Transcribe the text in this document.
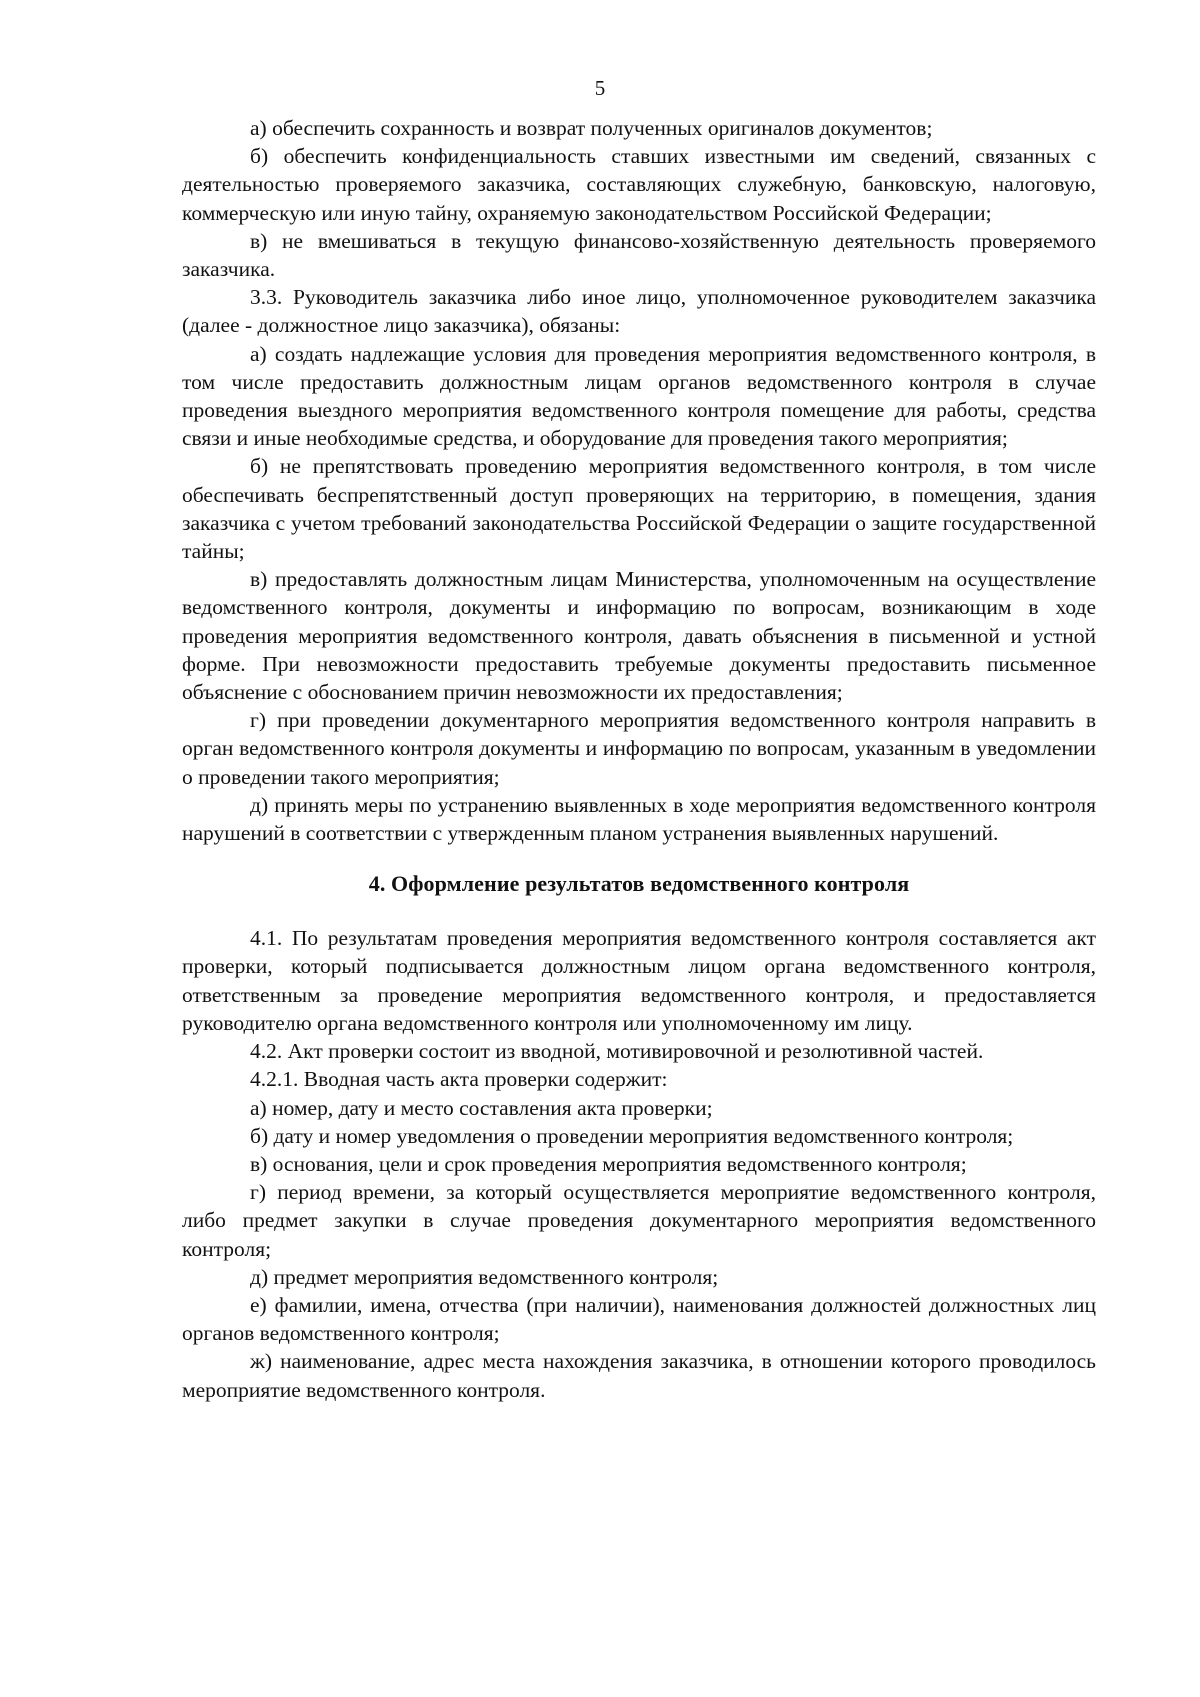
5

а) обеспечить сохранность и возврат полученных оригиналов документов;

б) обеспечить конфиденциальность ставших известными им сведений, связанных с деятельностью проверяемого заказчика, составляющих служебную, банковскую, налоговую, коммерческую или иную тайну, охраняемую законодательством Российской Федерации;

в) не вмешиваться в текущую финансово-хозяйственную деятельность проверяемого заказчика.

3.3. Руководитель заказчика либо иное лицо, уполномоченное руководителем заказчика (далее - должностное лицо заказчика), обязаны:

а) создать надлежащие условия для проведения мероприятия ведомственного контроля, в том числе предоставить должностным лицам органов ведомственного контроля в случае проведения выездного мероприятия ведомственного контроля помещение для работы, средства связи и иные необходимые средства, и оборудование для проведения такого мероприятия;

б) не препятствовать проведению мероприятия ведомственного контроля, в том числе обеспечивать беспрепятственный доступ проверяющих на территорию, в помещения, здания заказчика с учетом требований законодательства Российской Федерации о защите государственной тайны;

в) предоставлять должностным лицам Министерства, уполномоченным на осуществление ведомственного контроля, документы и информацию по вопросам, возникающим в ходе проведения мероприятия ведомственного контроля, давать объяснения в письменной и устной форме. При невозможности предоставить требуемые документы предоставить письменное объяснение с обоснованием причин невозможности их предоставления;

г) при проведении документарного мероприятия ведомственного контроля направить в орган ведомственного контроля документы и информацию по вопросам, указанным в уведомлении о проведении такого мероприятия;

д) принять меры по устранению выявленных в ходе мероприятия ведомственного контроля нарушений в соответствии с утвержденным планом устранения выявленных нарушений.

4. Оформление результатов ведомственного контроля

4.1. По результатам проведения мероприятия ведомственного контроля составляется акт проверки, который подписывается должностным лицом органа ведомственного контроля, ответственным за проведение мероприятия ведомственного контроля, и предоставляется руководителю органа ведомственного контроля или уполномоченному им лицу.

4.2. Акт проверки состоит из вводной, мотивировочной и резолютивной частей.

4.2.1. Вводная часть акта проверки содержит:

а) номер, дату и место составления акта проверки;

б) дату и номер уведомления о проведении мероприятия ведомственного контроля;

в) основания, цели и срок проведения мероприятия ведомственного контроля;

г) период времени, за который осуществляется мероприятие ведомственного контроля, либо предмет закупки в случае проведения документарного мероприятия ведомственного контроля;

д) предмет мероприятия ведомственного контроля;

е) фамилии, имена, отчества (при наличии), наименования должностей должностных лиц органов ведомственного контроля;

ж) наименование, адрес места нахождения заказчика, в отношении которого проводилось мероприятие ведомственного контроля.
